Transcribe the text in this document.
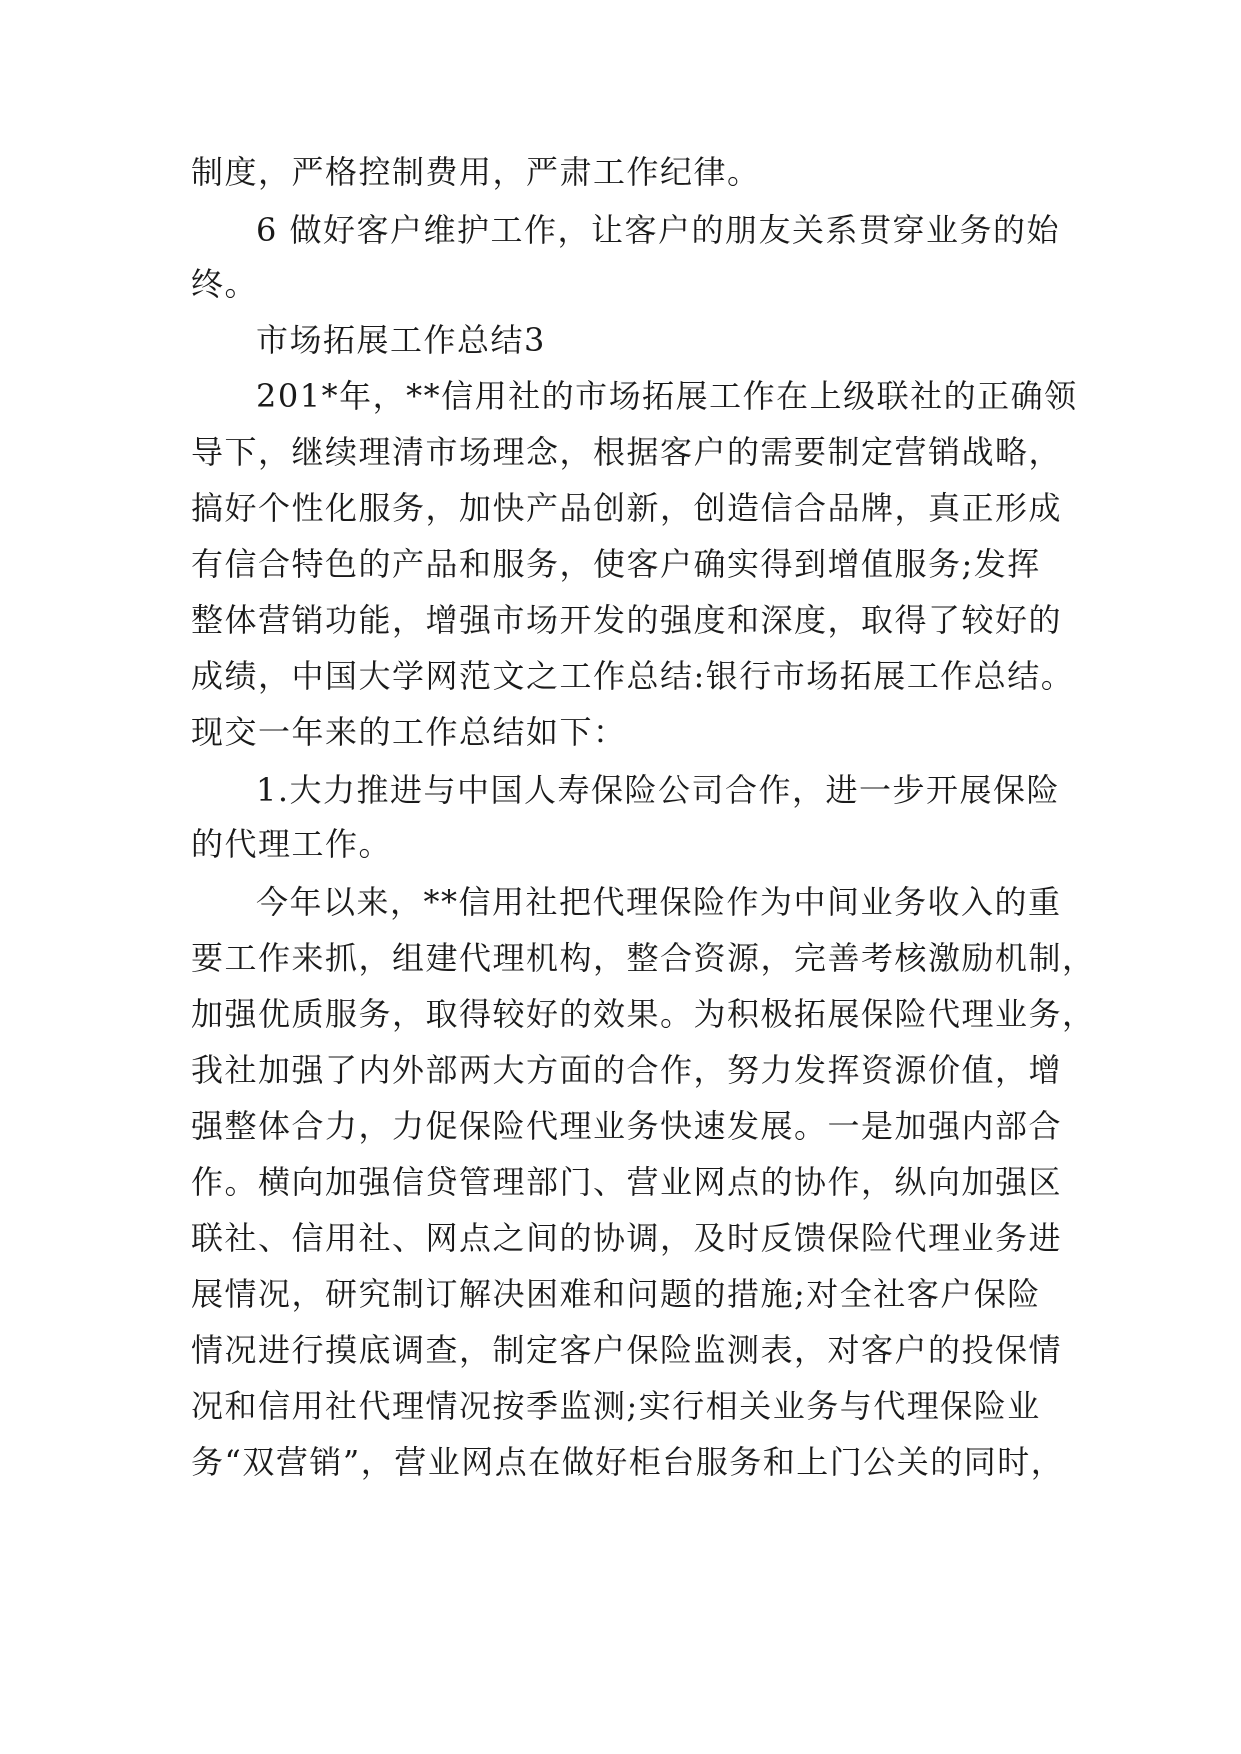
制度，严格控制费用，严肃工作纪律。
6 做好客户维护工作，让客户的朋友关系贯穿业务的始
终。
市场拓展工作总结3
201*年，**信用社的市场拓展工作在上级联社的正确领
导下，继续理清市场理念，根据客户的需要制定营销战略，
搞好个性化服务，加快产品创新，创造信合品牌，真正形成
有信合特色的产品和服务，使客户确实得到增值服务;发挥
整体营销功能，增强市场开发的强度和深度，取得了较好的
成绩，中国大学网范文之工作总结:银行市场拓展工作总结。
现交一年来的工作总结如下：
1.大力推进与中国人寿保险公司合作，进一步开展保险
的代理工作。
今年以来，**信用社把代理保险作为中间业务收入的重
要工作来抓，组建代理机构，整合资源，完善考核激励机制，
加强优质服务，取得较好的效果。为积极拓展保险代理业务，
我社加强了内外部两大方面的合作，努力发挥资源价值，增
强整体合力，力促保险代理业务快速发展。一是加强内部合
作。横向加强信贷管理部门、营业网点的协作，纵向加强区
联社、信用社、网点之间的协调，及时反馈保险代理业务进
展情况，研究制订解决困难和问题的措施;对全社客户保险
情况进行摸底调查，制定客户保险监测表，对客户的投保情
况和信用社代理情况按季监测;实行相关业务与代理保险业
务“双营销”，营业网点在做好柜台服务和上门公关的同时，
